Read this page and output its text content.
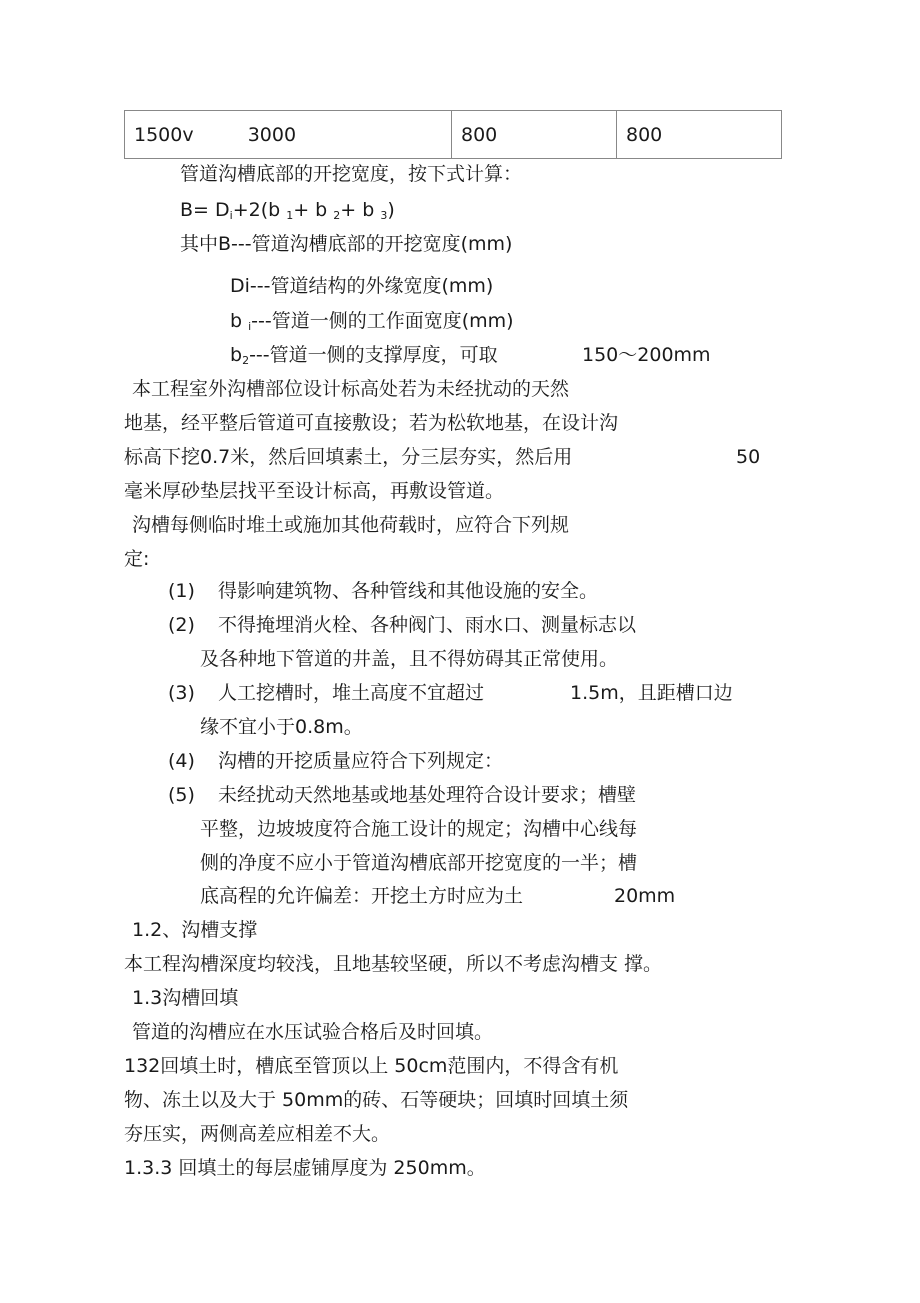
1500v	3000	800	800
管道沟槽底部的开挖宽度，按下式计算：
$B= D_i+2(b$ $_1$+ b $_2$+ b $_3$)
其中B---管道沟槽底部的开挖宽度(mm)
Di---管道结构的外缘宽度(mm)
b $_i$---管道一侧的工作面宽度(mm)
$b_2---$管道一侧的支撑厚度，可取	150～200mm
本工程室外沟槽部位设计标高处若为未经扰动的天然
地基，经平整后管道可直接敷设；若为松软地基，在设计沟
标高下挖0.7米，然后回填素土，分三层夯实，然后用	50
毫米厚砂垫层找平至设计标高，再敷设管道。
沟槽每侧临时堆土或施加其他荷载时，应符合下列规
定:
(1) 得影响建筑物、各种管线和其他设施的安全。
(2) 不得掩埋消火栓、各种阀门、雨水口、测量标志以
及各种地下管道的井盖，且不得妨碍其正常使用。
(3) 人工挖槽时，堆土高度不宜超过	1.5m，且距槽口边
缘不宜小于0.8m。
(4) 沟槽的开挖质量应符合下列规定：
(5) 未经扰动天然地基或地基处理符合设计要求；槽壁
平整，边坡坡度符合施工设计的规定；沟槽中心线每
侧的净度不应小于管道沟槽底部开挖宽度的一半；槽
底高程的允许偏差：开挖土方时应为土	20mm
1.2、沟槽支撑
本工程沟槽深度均较浅，且地基较坚硬，所以不考虑沟槽支 撑。
1.3沟槽回填
管道的沟槽应在水压试验合格后及时回填。
132回填土时，槽底至管顶以上 50cm范围内，不得含有机
物、冻土以及大于 50mm的砖、石等硬块；回填时回填土须
夯压实，两侧高差应相差不大。
1.3.3 回填土的每层虚铺厚度为 250mm。
